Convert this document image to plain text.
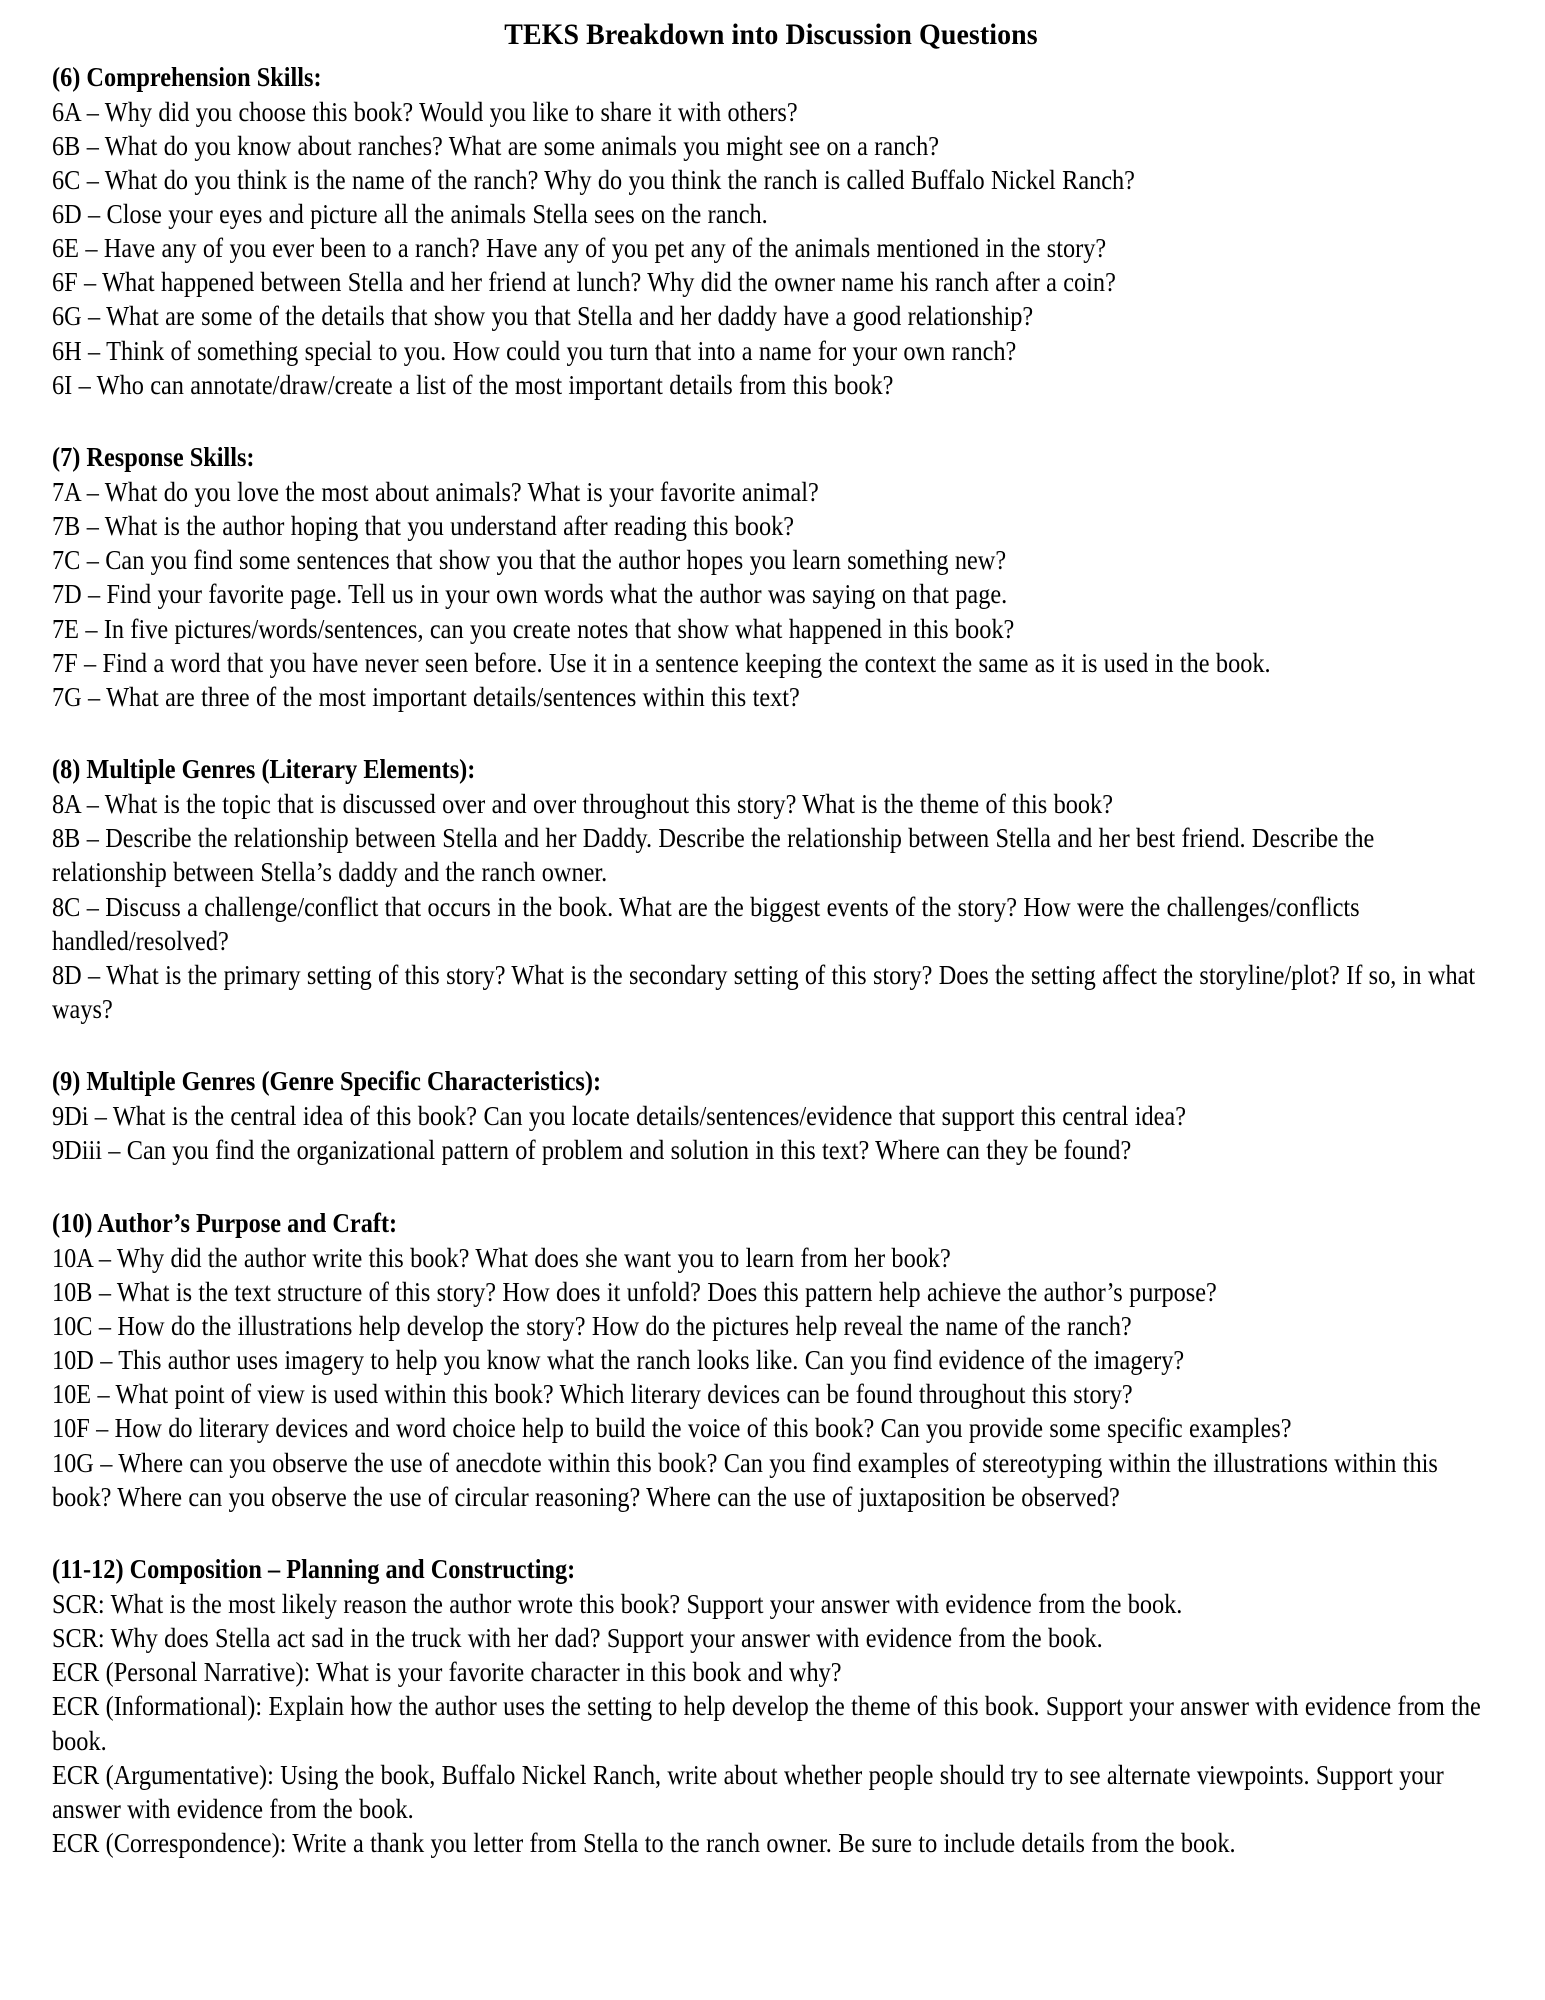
TEKS Breakdown into Discussion Questions
(6) Comprehension Skills:

6A – Why did you choose this book? Would you like to share it with others?

6B – What do you know about ranches? What are some animals you might see on a ranch?

6C – What do you think is the name of the ranch? Why do you think the ranch is called Buffalo Nickel Ranch?

6D – Close your eyes and picture all the animals Stella sees on the ranch.

6E – Have any of you ever been to a ranch? Have any of you pet any of the animals mentioned in the story?

6F – What happened between Stella and her friend at lunch? Why did the owner name his ranch after a coin?

6G – What are some of the details that show you that Stella and her daddy have a good relationship?

6H – Think of something special to you. How could you turn that into a name for your own ranch?

6I – Who can annotate/draw/create a list of the most important details from this book?

(7) Response Skills:

7A – What do you love the most about animals? What is your favorite animal?

7B – What is the author hoping that you understand after reading this book?

7C – Can you find some sentences that show you that the author hopes you learn something new?

7D – Find your favorite page. Tell us in your own words what the author was saying on that page.

7E – In five pictures/words/sentences, can you create notes that show what happened in this book?

7F – Find a word that you have never seen before. Use it in a sentence keeping the context the same as it is used in the book.

7G – What are three of the most important details/sentences within this text?

(8) Multiple Genres (Literary Elements):

8A – What is the topic that is discussed over and over throughout this story? What is the theme of this book?

8B – Describe the relationship between Stella and her Daddy. Describe the relationship between Stella and her best friend. Describe the relationship between Stella’s daddy and the ranch owner.

8C – Discuss a challenge/conflict that occurs in the book. What are the biggest events of the story? How were the challenges/conflicts handled/resolved?

8D – What is the primary setting of this story? What is the secondary setting of this story? Does the setting affect the storyline/plot? If so, in what ways?

(9) Multiple Genres (Genre Specific Characteristics):

9Di – What is the central idea of this book? Can you locate details/sentences/evidence that support this central idea?

9Diii – Can you find the organizational pattern of problem and solution in this text? Where can they be found?

(10) Author’s Purpose and Craft:

10A – Why did the author write this book? What does she want you to learn from her book?

10B – What is the text structure of this story? How does it unfold? Does this pattern help achieve the author’s purpose?

10C – How do the illustrations help develop the story? How do the pictures help reveal the name of the ranch?

10D – This author uses imagery to help you know what the ranch looks like. Can you find evidence of the imagery?

10E – What point of view is used within this book? Which literary devices can be found throughout this story?

10F – How do literary devices and word choice help to build the voice of this book? Can you provide some specific examples?

10G – Where can you observe the use of anecdote within this book? Can you find examples of stereotyping within the illustrations within this book? Where can you observe the use of circular reasoning? Where can the use of juxtaposition be observed?

(11-12) Composition – Planning and Constructing:

SCR: What is the most likely reason the author wrote this book? Support your answer with evidence from the book.

SCR: Why does Stella act sad in the truck with her dad? Support your answer with evidence from the book.

ECR (Personal Narrative): What is your favorite character in this book and why?

ECR (Informational): Explain how the author uses the setting to help develop the theme of this book. Support your answer with evidence from the book.

ECR (Argumentative): Using the book, Buffalo Nickel Ranch, write about whether people should try to see alternate viewpoints. Support your answer with evidence from the book.

ECR (Correspondence): Write a thank you letter from Stella to the ranch owner. Be sure to include details from the book.
